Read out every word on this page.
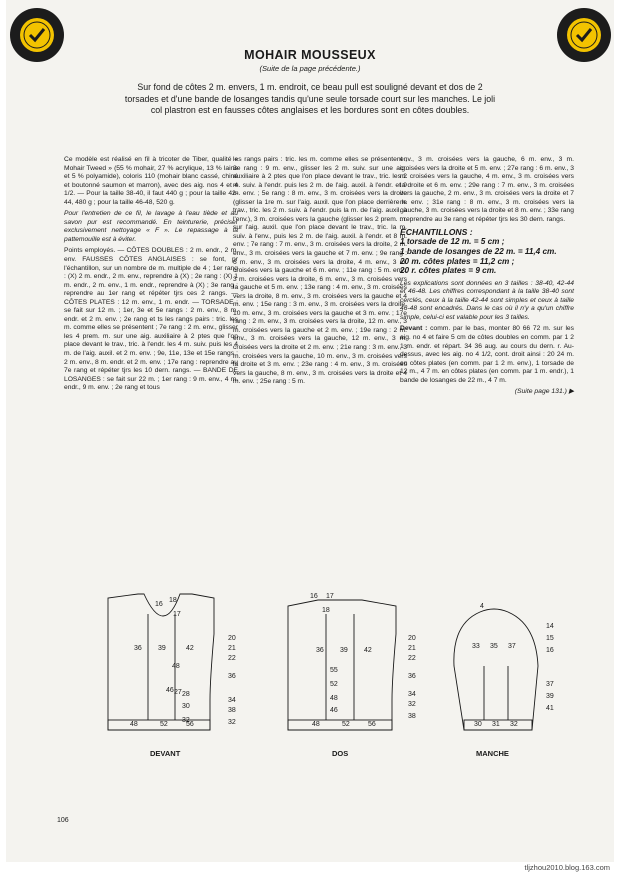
MOHAIR MOUSSEUX
(Suite de la page précédente.)
Sur fond de côtes 2 m. envers, 1 m. endroit, ce beau pull est souligné devant et dos de 2 torsades et d'une bande de losanges tandis qu'une seule torsade court sur les manches. Le joli col plastron est en fausses côtes anglaises et les bordures sont en côtes doubles.

Ce modèle est réalisé en fil à tricoter de Tiber, qualité « Mohair Tweed » (55 % mohair, 27 % acrylique, 13 % laine et 5 % polyamide), coloris 110 (mohair blanc cassé, chiné et boutonné saumon et marron), avec des aig. nos 4 et 4 1/2. — Pour la taille 38-40, il faut 440 g ; pour la taille 42-44, 480 g ; pour la taille 46-48, 520 g.

Pour l'entretien de ce fil, le lavage à l'eau tiède et au savon pur est recommandé. En teinturerie, préciser exclusivement nettoyage « F ». Le repassage à la pattemouille est à éviter.

Points employés. — CÔTES DOUBLES : 2 m. endr., 2 m. env. FAUSSES CÔTES ANGLAISES : se font, pr l'échantillon, sur un nombre de m. multiple de 4 ; 1er rang : (X) 2 m. endr., 2 m. env., reprendre à (X) ; 2e rang : (X) 1 m. endr., 2 m. env., 1 m. endr., reprendre à (X) ; 3e rang : reprendre au 1er rang et répéter tjrs ces 2 rangs. — CÔTES PLATES : 12 m. env., 1 m. endr. — TORSADE : se fait sur 12 m. ; 1er, 3e et 5e rangs : 2 m. env., 8 m. endr. et 2 m. env. ; 2e rang et ts les rangs pairs : tric. les m. comme elles se présentent ; 7e rang : 2 m. env., glisser les 4 prem. m. sur une aig. auxiliaire à 2 ptes que l'on place devant le trav., tric. à l'endr. les 4 m. suiv. puis les 4 m. de l'aig. auxil. et 2 m. env. ; 9e, 11e, 13e et 15e rangs : 2 m. env., 8 m. endr. et 2 m. env. ; 17e rang : reprendre au 7e rang et répéter tjrs les 10 dern. rangs. — BANDE DE LOSANGES : se fait sur 22 m. ; 1er rang : 9 m. env., 4 m. endr., 9 m. env. ; 2e rang et tous

les rangs pairs : tric. les m. comme elles se présentent ; 3e rang : 9 m. env., glisser les 2 m. suiv. sur une aig. auxiliaire à 2 ptes que l'on place devant le trav., tric. les 2 m. suiv. à l'endr. puis les 2 m. de l'aig. auxil. à l'endr. et 9 m. env. ; 5e rang : 8 m. env., 3 m. croisées vers la droite (glisser la 1re m. sur l'aig. auxil. que l'on place derrière le trav., tric. les 2 m. suiv. à l'endr. puis la m. de l'aig. auxil. à l'env.), 3 m. croisées vers la gauche (glisser les 2 prem. m. sur l'aig. auxil. que l'on place devant le trav., tric. la m. suiv. à l'env., puis les 2 m. de l'aig. auxil. à l'endr. et 8 m. env. ; 7e rang : 7 m. env., 3 m. croisées vers la droite, 2 m. env., 3 m. croisées vers la gauche et 7 m. env. ; 9e rang : 6 m. env., 3 m. croisées vers la droite, 4 m. env., 3 m. croisées vers la gauche et 6 m. env. ; 11e rang : 5 m. env., 3 m. croisées vers la droite, 6 m. env., 3 m. croisées vers la gauche et 5 m. env. ; 13e rang : 4 m. env., 3 m. croisées vers la droite, 8 m. env., 3 m. croisées vers la gauche et 4 m. env. ; 15e rang : 3 m. env., 3 m. croisées vers la droite, 10 m. env., 3 m. croisées vers la gauche et 3 m. env. ; 17e rang : 2 m. env., 3 m. croisées vers la droite, 12 m. env., 3 m. croisées vers la gauche et 2 m. env. ; 19e rang : 2 m. env., 3 m. croisées vers la gauche, 12 m. env., 3 m. croisées vers la droite et 2 m. env. ; 21e rang : 3 m. env., 3 m. croisées vers la gauche, 10 m. env., 3 m. croisées vers la droite et 3 m. env. ; 23e rang : 4 m. env., 3 m. croisées vers la gauche, 8 m. env., 3 m. croisées vers la droite et 4 m. env. ; 25e rang : 5 m.

env., 3 m. croisées vers la gauche, 6 m. env., 3 m. croisées vers la droite et 5 m. env. ; 27e rang : 6 m. env., 3 m. croisées vers la gauche, 4 m. env., 3 m. croisées vers la droite et 6 m. env. ; 29e rang : 7 m. env., 3 m. croisées vers la gauche, 2 m. env., 3 m. croisées vers la droite et 7 m. env. ; 31e rang : 8 m. env., 3 m. croisées vers la gauche, 3 m. croisées vers la droite et 8 m. env. ; 33e rang : reprendre au 3e rang et répéter tjrs les 30 dern. rangs.

ÉCHANTILLONS :
1 torsade de 12 m. = 5 cm ;
1 bande de losanges de 22 m. = 11,4 cm.
20 m. côtes plates = 11,2 cm ;
20 r. côtes plates = 9 cm.

Les explications sont données en 3 tailles : 38-40, 42-44 et 46-48. Les chiffres correspondant à la taille 38-40 sont cerclés, ceux à la taille 42-44 sont simples et ceux à taille 46-48 sont encadrés. Dans le cas où il n'y a qu'un chiffre simple, celui-ci est valable pour les 3 tailles.

Devant : comm. par le bas, monter 80 66 72 m. sur les aig. no 4 et faire 5 cm de côtes doubles en comm. par 1 2 1 m. endr. et répart. 34 36 aug. au cours du dern. r. Au-dessus, avec les aig. no 4 1/2, cont. droit ainsi : 20 24 m. en côtes plates (en comm. par 1 2 m. env.), 1 torsade de 12 m., 4 7 m. en côtes plates (en comm. par 1 m. endr.), 1 bande de losanges de 22 m., 4 7 m.

(Suite page 131.) ▶
16
18
17
36 39	42
48
46 27 28
30
32
20
21
22
36
34
38
32
48	52	56
DEVANT
16 17
18
36 39 42
55
52
48
46
20
21
22
36
34
32
38
48	52	56
DOS
4
14
15
16
33 35 37
37
39
41
30 31 32
MANCHE
106
tljzhou2010.blog.163.com
